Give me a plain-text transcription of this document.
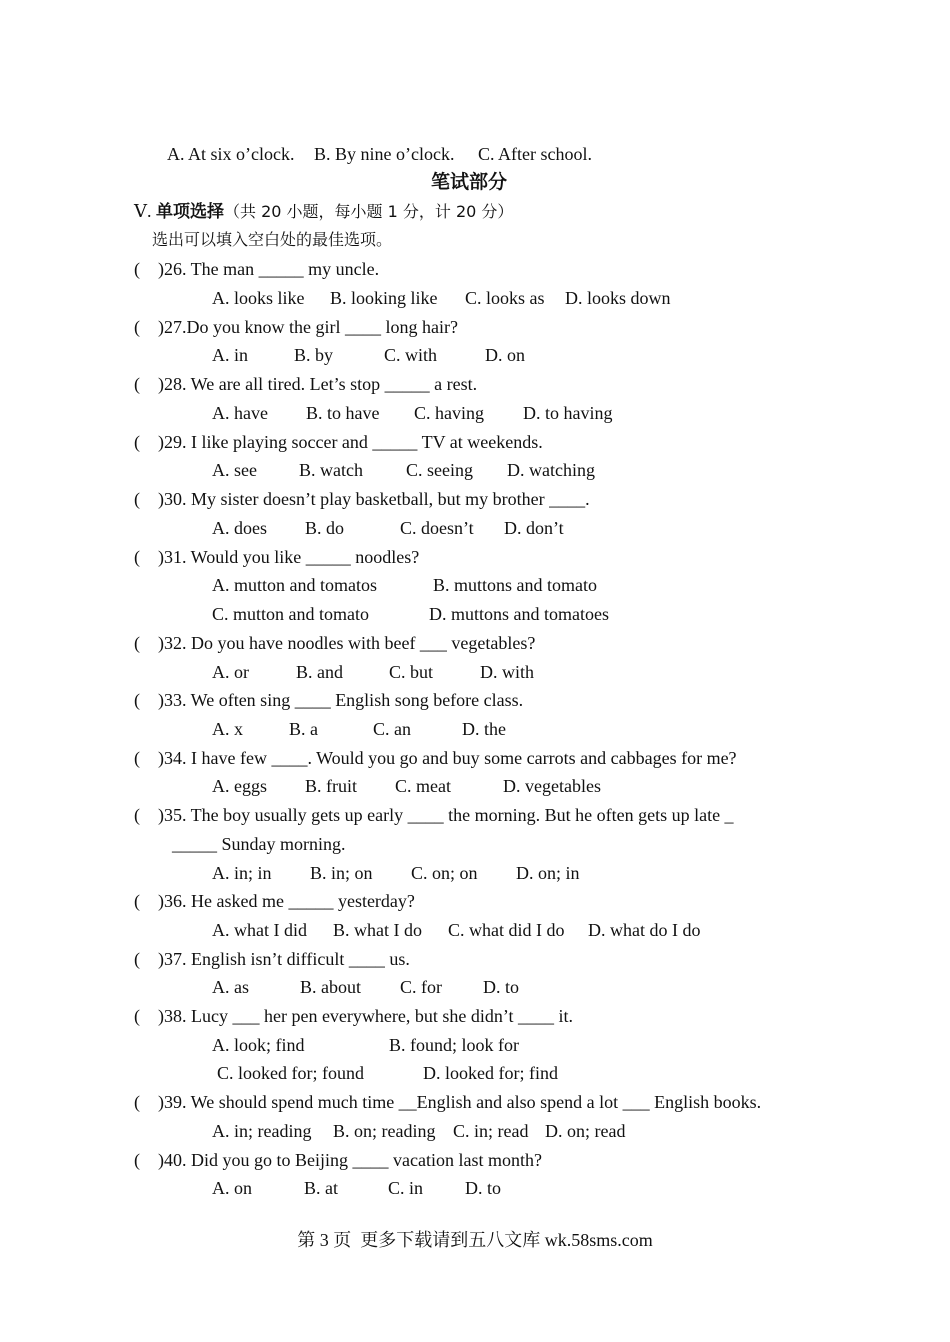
A. At six o’clock. B. By nine o’clock. C. After school.
笔试部分
Ⅴ. 单项选择（共 20 小题，每小题 1 分，计 20 分）
选出可以填入空白处的最佳选项。
(    )26. The man _____ my uncle.
A. looks like B. looking like C. looks as D. looks down
(    )27.Do you know the girl ____ long hair?
A. in	B. by	C. with	D. on
(    )28. We are all tired. Let’s stop _____ a rest.
A. have B. to have C. having D. to having
(    )29. I like playing soccer and _____ TV at weekends.
A. see B. watch C. seeing D. watching
(    )30. My sister doesn’t play basketball, but my brother ____.
A. does B. do	C. doesn’t D. don’t
(    )31. Would you like _____ noodles?
A. mutton and tomatos	B. muttons and tomato
C. mutton and tomato	D. muttons and tomatoes
(    )32. Do you have noodles with beef ___ vegetables?
A. or	B. and	C. but	D. with
(    )33. We often sing ____ English song before class.
A. x	B. a	C. an	D. the
(    )34. I have few ____. Would you go and buy some carrots and cabbages for me?
A. eggs B. fruit C. meat	D. vegetables
(    )35. The boy usually gets up early ____ the morning. But he often gets up late _
_____ Sunday morning.
A. in; in B. in; on C. on; on D. on; in
(    )36. He asked me _____ yesterday?
A. what I did B. what I do C. what did I do D. what do I do
(    )37. English isn’t difficult ____ us.
A. as	B. about C. for D. to
(    )38. Lucy ___ her pen everywhere, but she didn’t ____ it.
A. look; find	B. found; look for
C. looked for; found	D. looked for; find
(    )39. We should spend much time __English and also spend a lot ___ English books.
A. in; reading B. on; reading C. in; read D. on; read
(    )40. Did you go to Beijing ____ vacation last month?
A. on	B. at	C. in D. to
第 3 页  更多下载请到五八文库 wk.58sms.com
